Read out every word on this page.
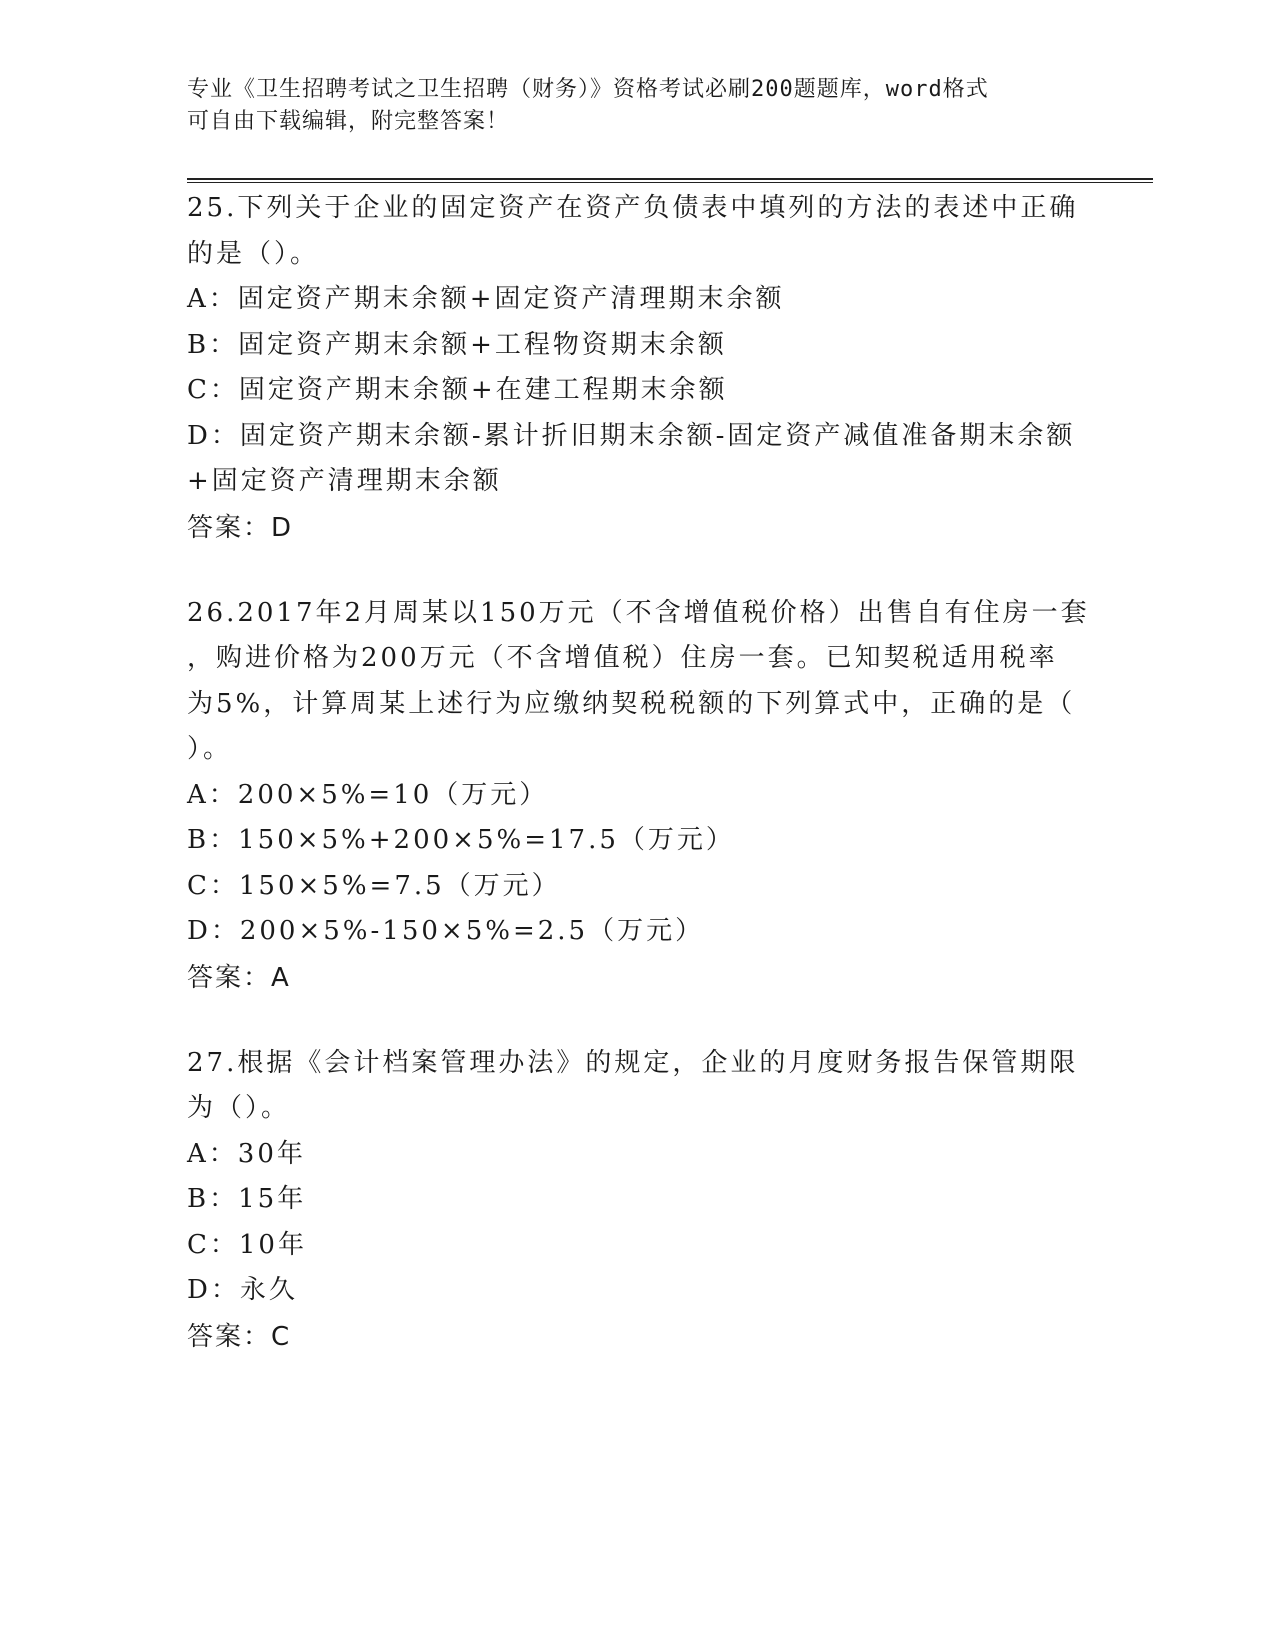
专业《卫生招聘考试之卫生招聘（财务）》资格考试必刷200题题库，word格式
可自由下载编辑，附完整答案！
25.下列关于企业的固定资产在资产负债表中填列的方法的表述中正确
的是（）。
A：固定资产期末余额+固定资产清理期末余额
B：固定资产期末余额+工程物资期末余额
C：固定资产期末余额+在建工程期末余额
D：固定资产期末余额-累计折旧期末余额-固定资产减值准备期末余额
+固定资产清理期末余额
答案：D
26.2017年2月周某以150万元（不含增值税价格）出售自有住房一套
，购进价格为200万元（不含增值税）住房一套。已知契税适用税率
为5%，计算周某上述行为应缴纳契税税额的下列算式中，正确的是（
）。
A：200×5%=10（万元）
B：150×5%+200×5%=17.5（万元）
C：150×5%=7.5（万元）
D：200×5%-150×5%=2.5（万元）
答案：A
27.根据《会计档案管理办法》的规定，企业的月度财务报告保管期限
为（）。
A：30年
B：15年
C：10年
D：永久
答案：C
